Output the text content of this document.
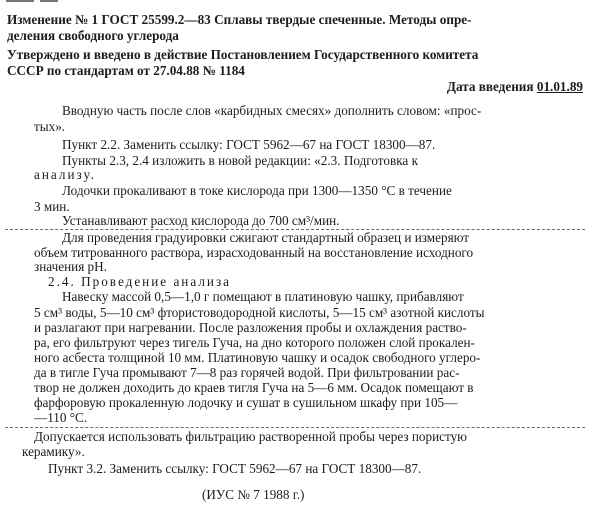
Изменение № 1 ГОСТ 25599.2—83 Сплавы твердые спеченные. Методы опре-
деления свободного углерода
Утверждено и введено в действие Постановлением Государственного комитета
СССР по стандартам от 27.04.88 № 1184
Дата введения 01.01.89
Вводную часть после слов «карбидных смесях» дополнить словом: «прос-
тых».
Пункт 2.2. Заменить ссылку: ГОСТ 5962—67 на ГОСТ 18300—87.
Пункты 2.3, 2.4 изложить в новой редакции: «2.3. Подготовка к
анализу.
Лодочки прокаливают в токе кислорода при 1300—1350 °С в течение
3 мин.
Устанавливают расход кислорода до 700 см³/мин.
Для проведения градуировки сжигают стандартный образец и измеряют
объем титрованного раствора, израсходованный на восстановление исходного
значения рН.
2.4. Проведение анализа
Навеску массой 0,5—1,0 г помещают в платиновую чашку, прибавляют
5 см³ воды, 5—10 см³ фтористоводородной кислоты, 5—15 см³ азотной кислоты
и разлагают при нагревании. После разложения пробы и охлаждения раство-
ра, его фильтруют через тигель Гуча, на дно которого положен слой прокален-
ного асбеста толщиной 10 мм. Платиновую чашку и осадок свободного углеро-
да в тигле Гуча промывают 7—8 раз горячей водой. При фильтровании рас-
твор не должен доходить до краев тигля Гуча на 5—6 мм. Осадок помещают в
фарфоровую прокаленную лодочку и сушат в сушильном шкафу при 105—
—110 °С.
Допускается использовать фильтрацию растворенной пробы через пористую
керамику».
Пункт 3.2. Заменить ссылку: ГОСТ 5962—67 на ГОСТ 18300—87.
(ИУС № 7 1988 г.)
